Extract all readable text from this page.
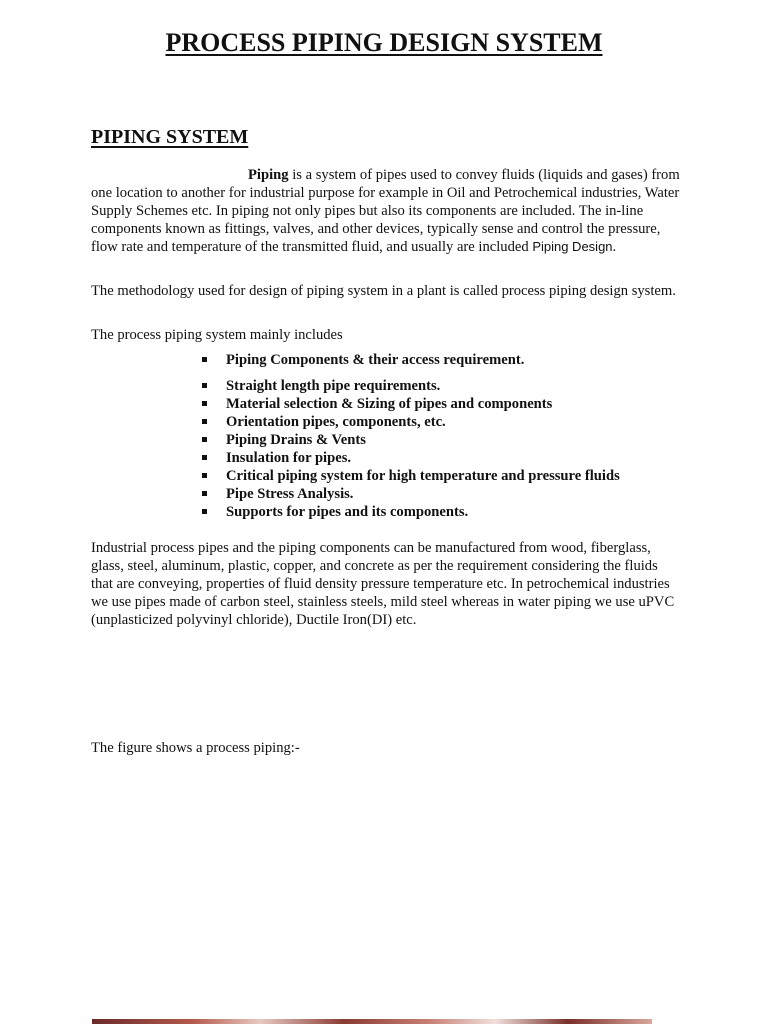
PROCESS PIPING DESIGN SYSTEM
PIPING SYSTEM
Piping is a system of pipes used to convey fluids (liquids and gases) from one location to another for industrial purpose for example in Oil and Petrochemical industries, Water Supply Schemes etc. In piping not only pipes but also its components are included. The in-line components known as fittings, valves, and other devices, typically sense and control the pressure, flow rate and temperature of the transmitted fluid, and usually are included Piping Design.
The methodology used for design of piping system in a plant is called process piping design system.
The process piping system mainly includes
Piping Components & their access requirement.
Straight length pipe requirements.
Material selection & Sizing of pipes and components
Orientation pipes, components, etc.
Piping Drains & Vents
Insulation for pipes.
Critical piping system for high temperature and pressure fluids
Pipe Stress Analysis.
Supports for pipes and its components.
Industrial process pipes and the piping components can be manufactured from wood, fiberglass, glass, steel, aluminum, plastic, copper, and concrete as per the requirement considering the fluids that are conveying, properties of fluid density pressure temperature etc. In petrochemical industries we use pipes made of carbon steel, stainless steels, mild steel whereas in water piping we use uPVC (unplasticized polyvinyl chloride), Ductile Iron(DI) etc.
The figure shows a process piping:-
